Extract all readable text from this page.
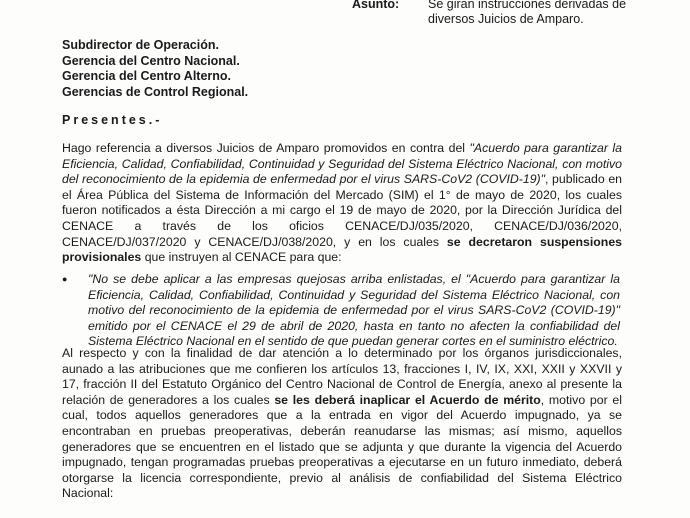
Asunto: Se giran instrucciones derivadas de
diversos Juicios de Amparo.
Subdirector de Operación.
Gerencia del Centro Nacional.
Gerencia del Centro Alterno.
Gerencias de Control Regional.
Presentes.-
Hago referencia a diversos Juicios de Amparo promovidos en contra del "Acuerdo para garantizar la Eficiencia, Calidad, Confiabilidad, Continuidad y Seguridad del Sistema Eléctrico Nacional, con motivo del reconocimiento de la epidemia de enfermedad por el virus SARS-CoV2 (COVID-19)", publicado en el Área Pública del Sistema de Información del Mercado (SIM) el 1° de mayo de 2020, los cuales fueron notificados a ésta Dirección a mi cargo el 19 de mayo de 2020, por la Dirección Jurídica del CENACE a través de los oficios CENACE/DJ/035/2020, CENACE/DJ/036/2020, CENACE/DJ/037/2020 y CENACE/DJ/038/2020, y en los cuales se decretaron suspensiones provisionales que instruyen al CENACE para que:
● "No se debe aplicar a las empresas quejosas arriba enlistadas, el "Acuerdo para garantizar la Eficiencia, Calidad, Confiabilidad, Continuidad y Seguridad del Sistema Eléctrico Nacional, con motivo del reconocimiento de la epidemia de enfermedad por el virus SARS-CoV2 (COVID-19)" emitido por el CENACE el 29 de abril de 2020, hasta en tanto no afecten la confiabilidad del Sistema Eléctrico Nacional en el sentido de que puedan generar cortes en el suministro eléctrico.
Al respecto y con la finalidad de dar atención a lo determinado por los órganos jurisdiccionales, aunado a las atribuciones que me confieren los artículos 13, fracciones I, IV, IX, XXI, XXII y XXVII y 17, fracción II del Estatuto Orgánico del Centro Nacional de Control de Energía, anexo al presente la relación de generadores a los cuales se les deberá inaplicar el Acuerdo de mérito, motivo por el cual, todos aquellos generadores que a la entrada en vigor del Acuerdo impugnado, ya se encontraban en pruebas preoperativas, deberán reanudarse las mismas; así mismo, aquellos generadores que se encuentren en el listado que se adjunta y que durante la vigencia del Acuerdo impugnado, tengan programadas pruebas preoperativas a ejecutarse en un futuro inmediato, deberá otorgarse la licencia correspondiente, previo al análisis de confiabilidad del Sistema Eléctrico Nacional:
